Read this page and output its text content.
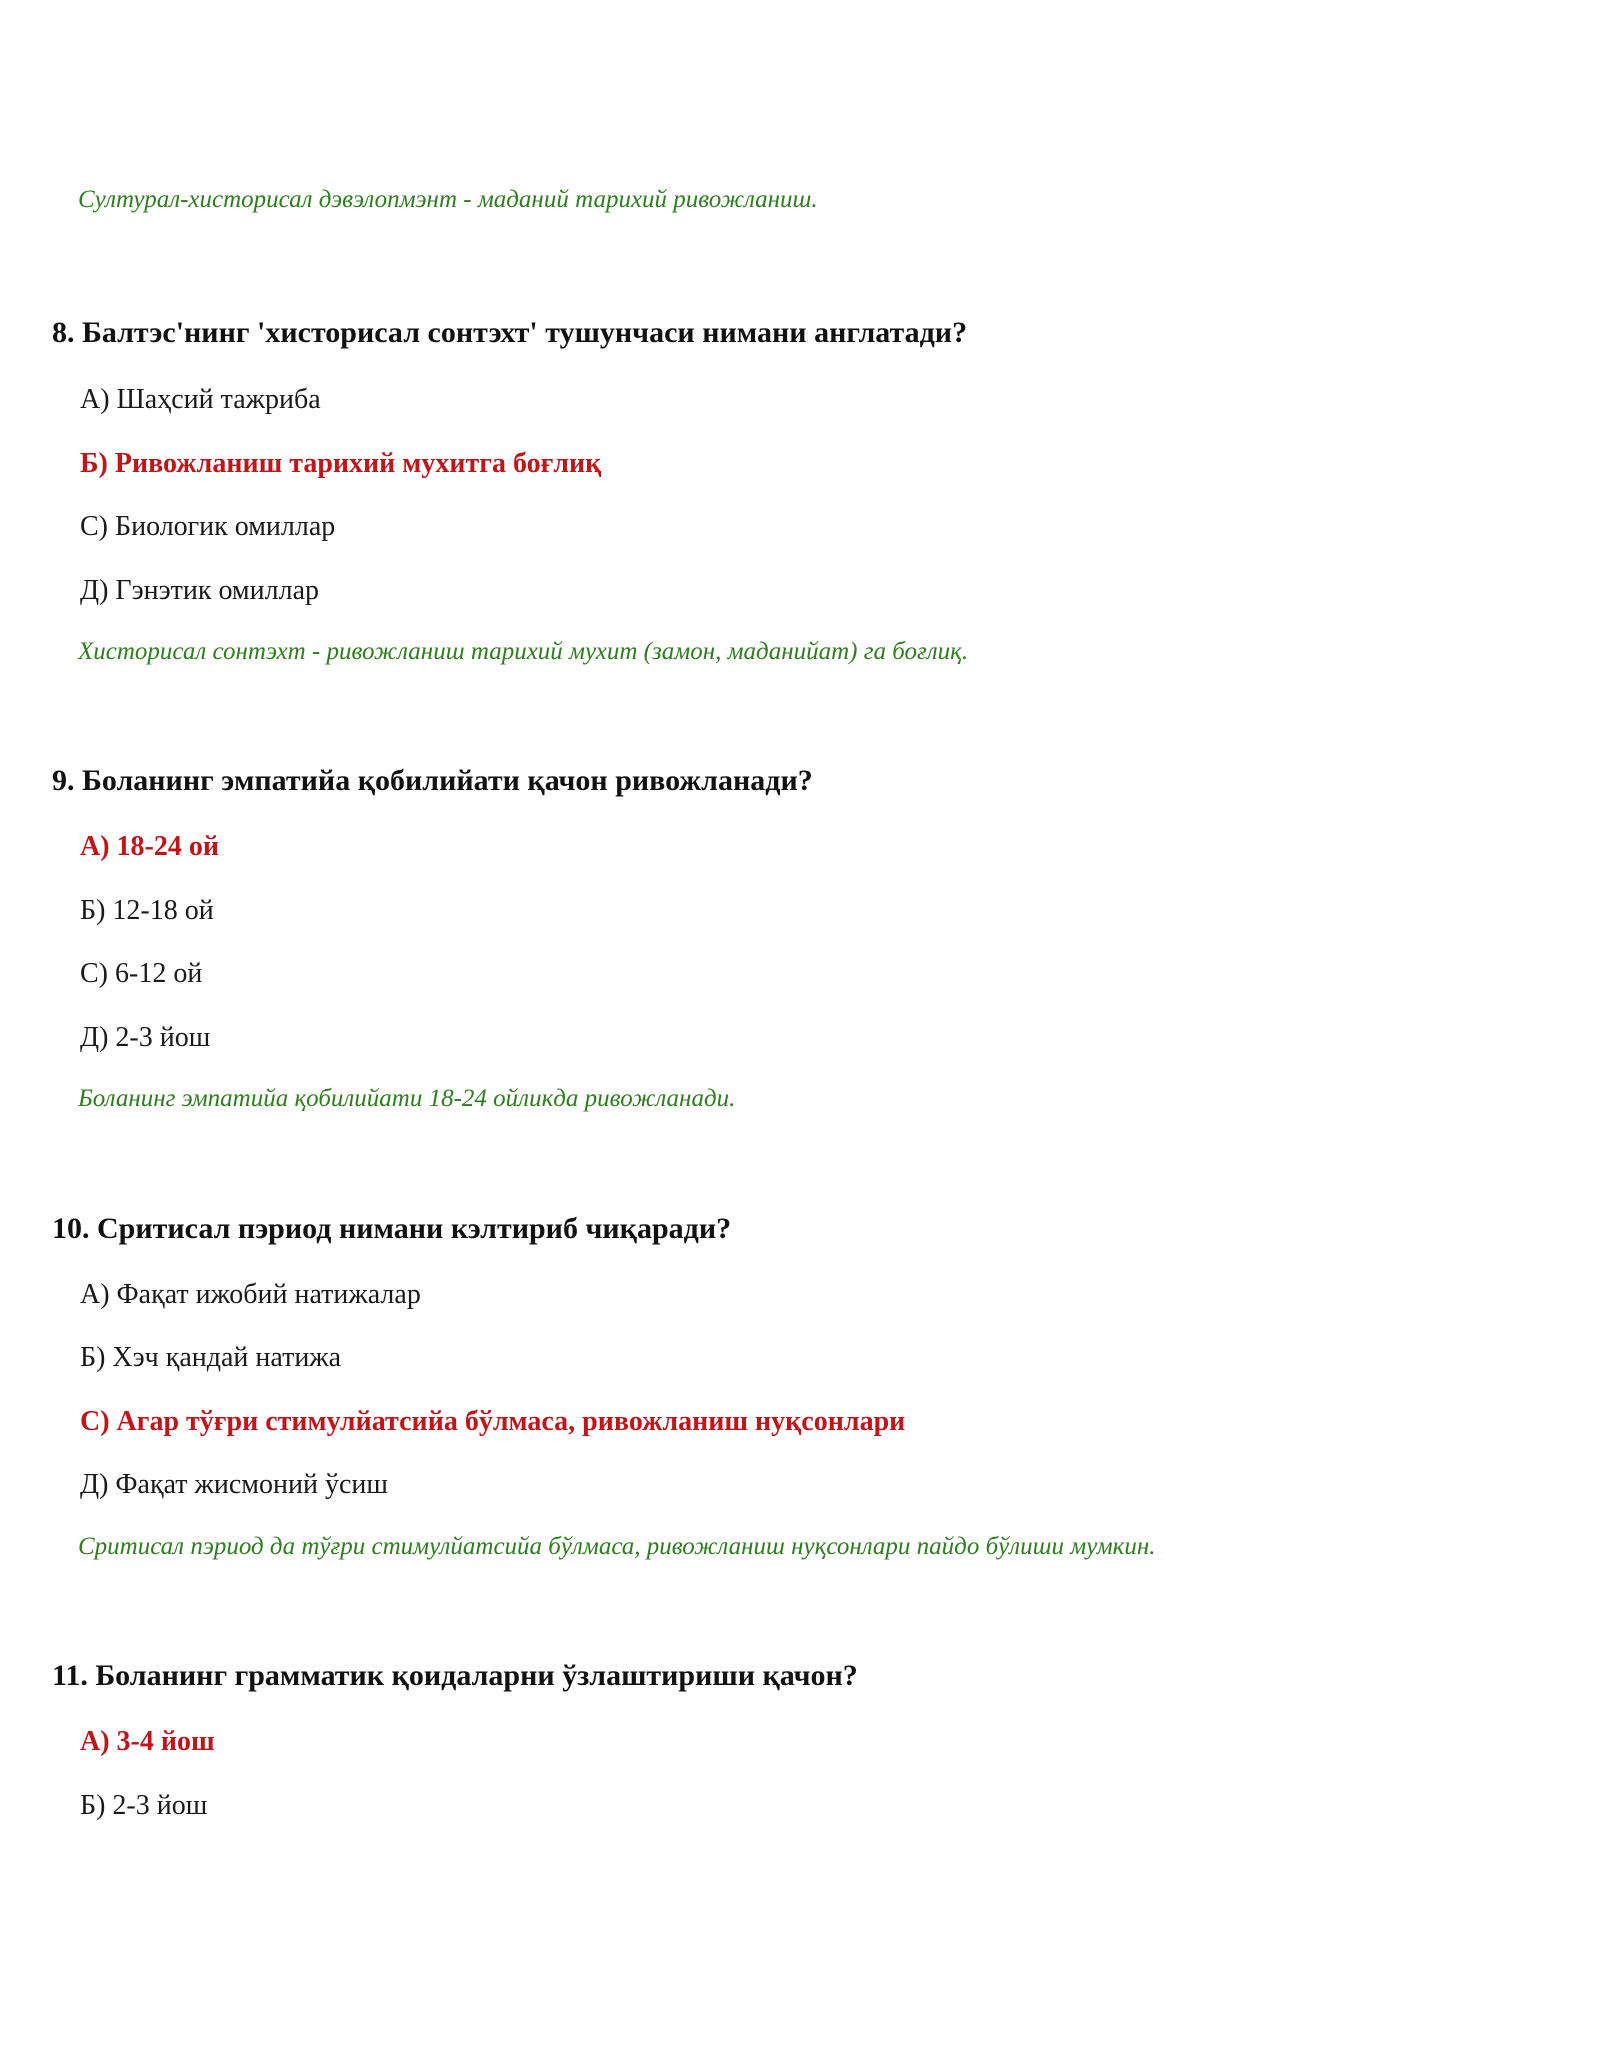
Султурал-хисторисал дэвэлопмэнт - маданий тарихий ривожланиш.
8. Балтэс'нинг 'хисторисал сонтэхт' тушунчаси нимани англатади?
А) Шаҳсий тажриба
Б) Ривожланиш тарихий мухитга боғлиқ
С) Биологик омиллар
Д) Гэнэтик омиллар
Хисторисал сонтэхт - ривожланиш тарихий мухит (замон, маданийат) га боғлиқ.
9. Боланинг эмпатийа қобилийати қачон ривожланади?
А) 18-24 ой
Б) 12-18 ой
С) 6-12 ой
Д) 2-3 йош
Боланинг эмпатийа қобилийати 18-24 ойликда ривожланади.
10. Сритисал пэриод нимани кэлтириб чиқаради?
А) Фақат ижобий натижалар
Б) Хэч қандай натижа
С) Агар тўғри стимулйатсийа бўлмаса, ривожланиш нуқсонлари
Д) Фақат жисмоний ўсиш
Сритисал пэриод да тўғри стимулйатсийа бўлмаса, ривожланиш нуқсонлари пайдо бўлиши мумкин.
11. Боланинг грамматик қоидаларни ўзлаштириши қачон?
А) 3-4 йош
Б) 2-3 йош
